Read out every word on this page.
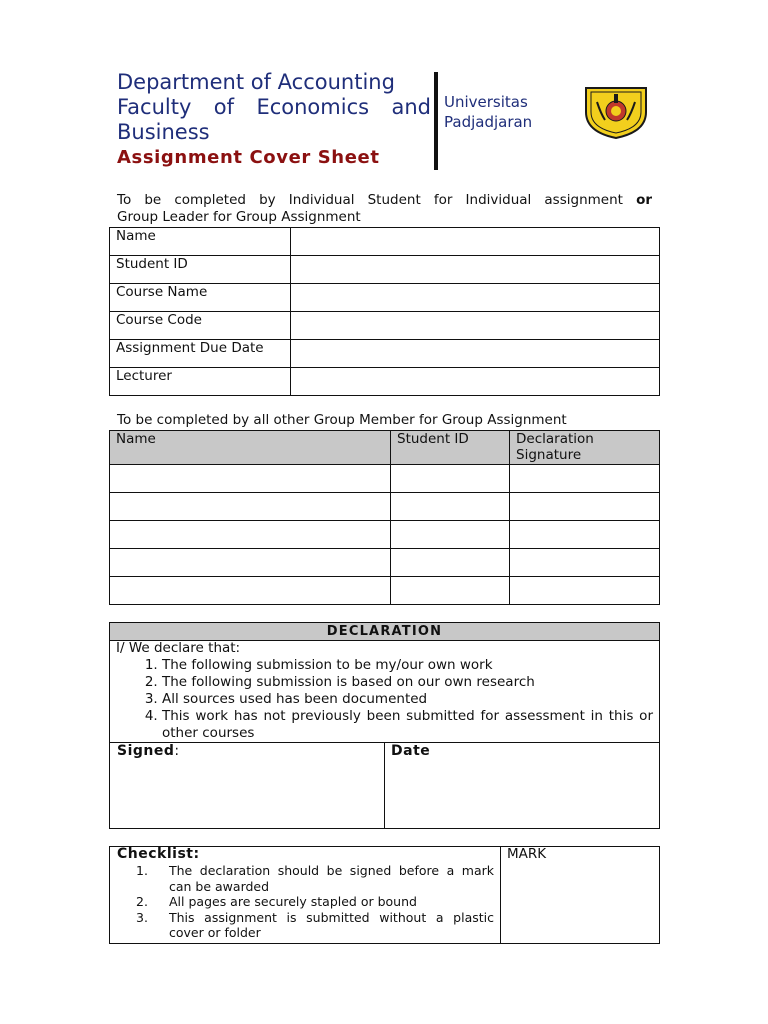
Department of Accounting
Faculty of Economics and
Business
Assignment Cover Sheet
Universitas
Padjadjaran
To be completed by Individual Student for Individual assignment or
Group Leader for Group Assignment
Name	
Student ID	
Course Name	
Course Code	
Assignment Due Date	
Lecturer	
To be completed by all other Group Member for Group Assignment
Name	Student ID	Declaration
Signature

DECLARATION
I/ We declare that:
1. The following submission to be my/our own work
2. The following submission is based on our own research
3. All sources used has been documented
4. This work has not previously been submitted for assessment in this or other courses
Signed:	Date
Checklist:	MARK
1.	The declaration should be signed before a mark can be awarded
2.	All pages are securely stapled or bound
3.	This assignment is submitted without a plastic cover or folder
